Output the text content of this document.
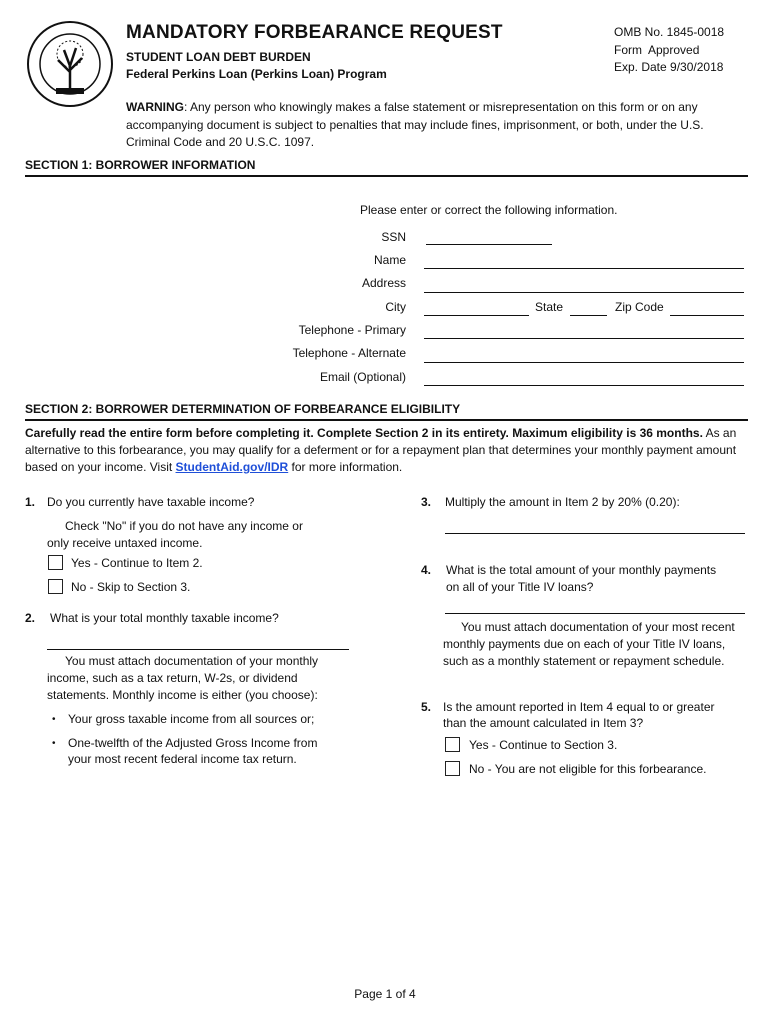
MANDATORY FORBEARANCE REQUEST
STUDENT LOAN DEBT BURDEN
Federal Perkins Loan (Perkins Loan) Program
OMB No. 1845-0018
Form  Approved
Exp. Date 9/30/2018
WARNING: Any person who knowingly makes a false statement or misrepresentation on this form or on any accompanying document is subject to penalties that may include fines, imprisonment, or both, under the U.S. Criminal Code and 20 U.S.C. 1097.
SECTION 1: BORROWER INFORMATION
Please enter or correct the following information.
SSN
Name
Address
City	State	Zip Code
Telephone - Primary
Telephone - Alternate
Email (Optional)
SECTION 2: BORROWER DETERMINATION OF FORBEARANCE ELIGIBILITY
Carefully read the entire form before completing it. Complete Section 2 in its entirety. Maximum eligibility is 36 months. As an alternative to this forbearance, you may qualify for a deferment or for a repayment plan that determines your monthly payment amount based on your income. Visit StudentAid.gov/IDR for more information.
1. Do you currently have taxable income?
Check "No" if you do not have any income or
only receive untaxed income.
Yes - Continue to Item 2.
No - Skip to Section 3.
2. What is your total monthly taxable income?
You must attach documentation of your monthly income, such as a tax return, W-2s, or dividend statements. Monthly income is either (you choose):
• Your gross taxable income from all sources or;
• One-twelfth of the Adjusted Gross Income from
your most recent federal income tax return.
3. Multiply the amount in Item 2 by 20% (0.20):
4. What is the total amount of your monthly payments
on all of your Title IV loans?
You must attach documentation of your most recent monthly payments due on each of your Title IV loans, such as a monthly statement or repayment schedule.
5. Is the amount reported in Item 4 equal to or greater
than the amount calculated in Item 3?
Yes - Continue to Section 3.
No - You are not eligible for this forbearance.
Page 1 of 4
